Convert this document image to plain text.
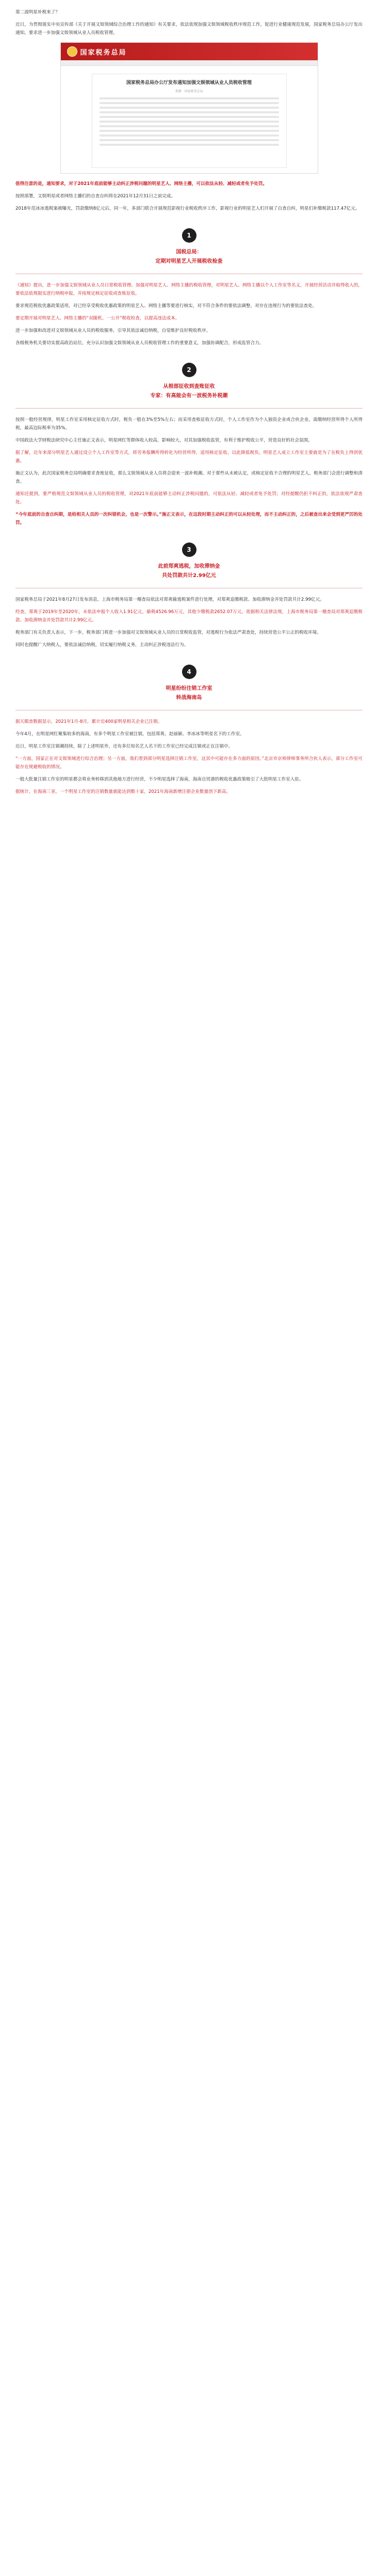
第二波明星补税来了？

近日，为贯彻落实中央宣传部《关于开展文娱领域综合治理工作的通知》有关要求，依法依规加强文娱领域税收秩序规范工作，促进行业健康规范发展，国家税务总局办公厅发出通知，要求进一步加强文娱领域从业人员税收管理。

国家税务总局
国家税务总局办公厅发布通知加强文娱领域从业人员税收管理
来源：国家税务总局

值得注意的是，通知要求，对于2021年底前能够主动纠正涉税问题的明星艺人、网络主播，可以依法从轻、减轻或者免予处罚。

按照部署，文娱明星或者网络主播们的自查自纠将在2021年12月31日之前完成。

2018年范冰冰逃税案被曝光，罚款缴纳8亿元后，同一年，多部门联合开展规范影视行业税收秩序工作，影视行业的明星艺人们开展了自查自纠，明星们补缴税款117.47亿元。

1
国税总局：
定期对明星艺人开展税收检查

《通知》提出，进一步加强文娱领域从业人员日常税收管理。加强对明星艺人、网络主播的税收管理，对明星艺人、网络主播以个人工作室等名义，开展经营活动并取得收入的，要依法依规据实进行纳税申报，并按规定核定征收或查账征收。

要求规范税收优惠政策适用，对已经享受税收优惠政策的明星艺人、网络主播等要进行核实，对不符合条件的要依法调整，对存在违规行为的要依法查处。

要定期开展对明星艺人、网络主播的“双随机、一公开”税收检查，以提高违法成本。

进一步加强和改进对文娱领域从业人员的税收服务，引导其依法诚信纳税，自觉维护良好税收秩序。

各级税务机关要切实提高政治站位，充分认识加强文娱领域从业人员税收管理工作的重要意义，加强协调配合，形成监管合力。

2
从根部征收到查账征收
专家：有高能会有一波税务补税潮

按照一般经营规律，明星工作室采用核定征收方式时，税负一般在3%至5%左右；而采用查账征收方式时，个人工作室作为个人独资企业或合伙企业，需缴纳经营所得个人所得税，最高边际税率为35%。

中国政法大学财税法研究中心主任施正文表示，明星网红等群体收入较高，影响较大，对其加强税收监管，有利于维护税收公平，营造良好的社会氛围。

据了解，近年来部分明星艺人通过设立个人工作室等方式，将劳务报酬所得转化为经营所得，适用核定征收，以此降低税负，明星艺人成立工作室主要就是为了在税负上得到优惠。

施正文认为，此次国家税务总局明确要求查账征收，那么文娱领域从业人员将会迎来一波补税潮。对于那些从未被认定，或核定征收不合理的明星艺人，税务部门会进行调整和清查。

通知还提到，要严格规范文娱领域从业人员的税收管理，对2021年底前能够主动纠正涉税问题的，可依法从轻、减轻或者免予处罚；对经提醒仍拒不纠正的，依法依规严肃查处。

“今年底前的自查自纠期，是给相关人员的一次纠错机会，也是一次警示。”施正文表示，在这段时期主动纠正的可以从轻处理，而不主动纠正的，之后被查出来会受到更严厉的处罚。

3
此前郑爽逃税，加收滞纳金
共处罚款共计2.99亿元

国家税务总局于2021年8月27日发布消息，上海市税务局第一稽查局依法对郑爽偷逃税案件进行处理，对郑爽追缴税款、加收滞纳金并处罚款共计2.99亿元。

经查，郑爽于2019年至2020年，未依法申报个人收入1.91亿元，偷税4526.96万元，其他少缴税款2652.07万元。依据相关法律法规，上海市税务局第一稽查局对郑爽追缴税款、加收滞纳金并处罚款共计2.99亿元。

税务部门有关负责人表示，下一步，税务部门将进一步加强对文娱领域从业人员的日常税收监管，对逃税行为依法严肃查处，持续营造公平公正的税收环境。

同时也提醒广大纳税人，要依法诚信纳税，切实履行纳税义务，主动纠正涉税违法行为。

4
明星纷纷注销工作室
转战海南岛

据天眼查数据显示，2021年1月-8月，累计近400家明星相关企业已注销。

今年4月，在明星网红聚集较多的海南，有多个明星工作室被注销，包括郑爽、赵丽颖、李冰冰等明星名下的工作室。

近日，明星工作室注销潮持续，除了上述明星外，还有多位知名艺人名下的工作室已经完成注销或正在注销中。

“一方面，国家正在对文娱领域进行综合治理；另一方面，我们看到部分明星选择注销工作室，这其中可能存在多方面的原因。”北京市京师律师事务所合伙人表示，部分工作室可能存在规避税收的情况。

一般大批量注销工作室的明星都会将业务转移到其他地方进行经营，不少明星选择了海南，海南自贸港的税收优惠政策吸引了大批明星工作室入驻。

据统计，在海南三亚，一个明星工作室的注销数量就能达到数十家，2021年海南新增注册企业数量创下新高。
